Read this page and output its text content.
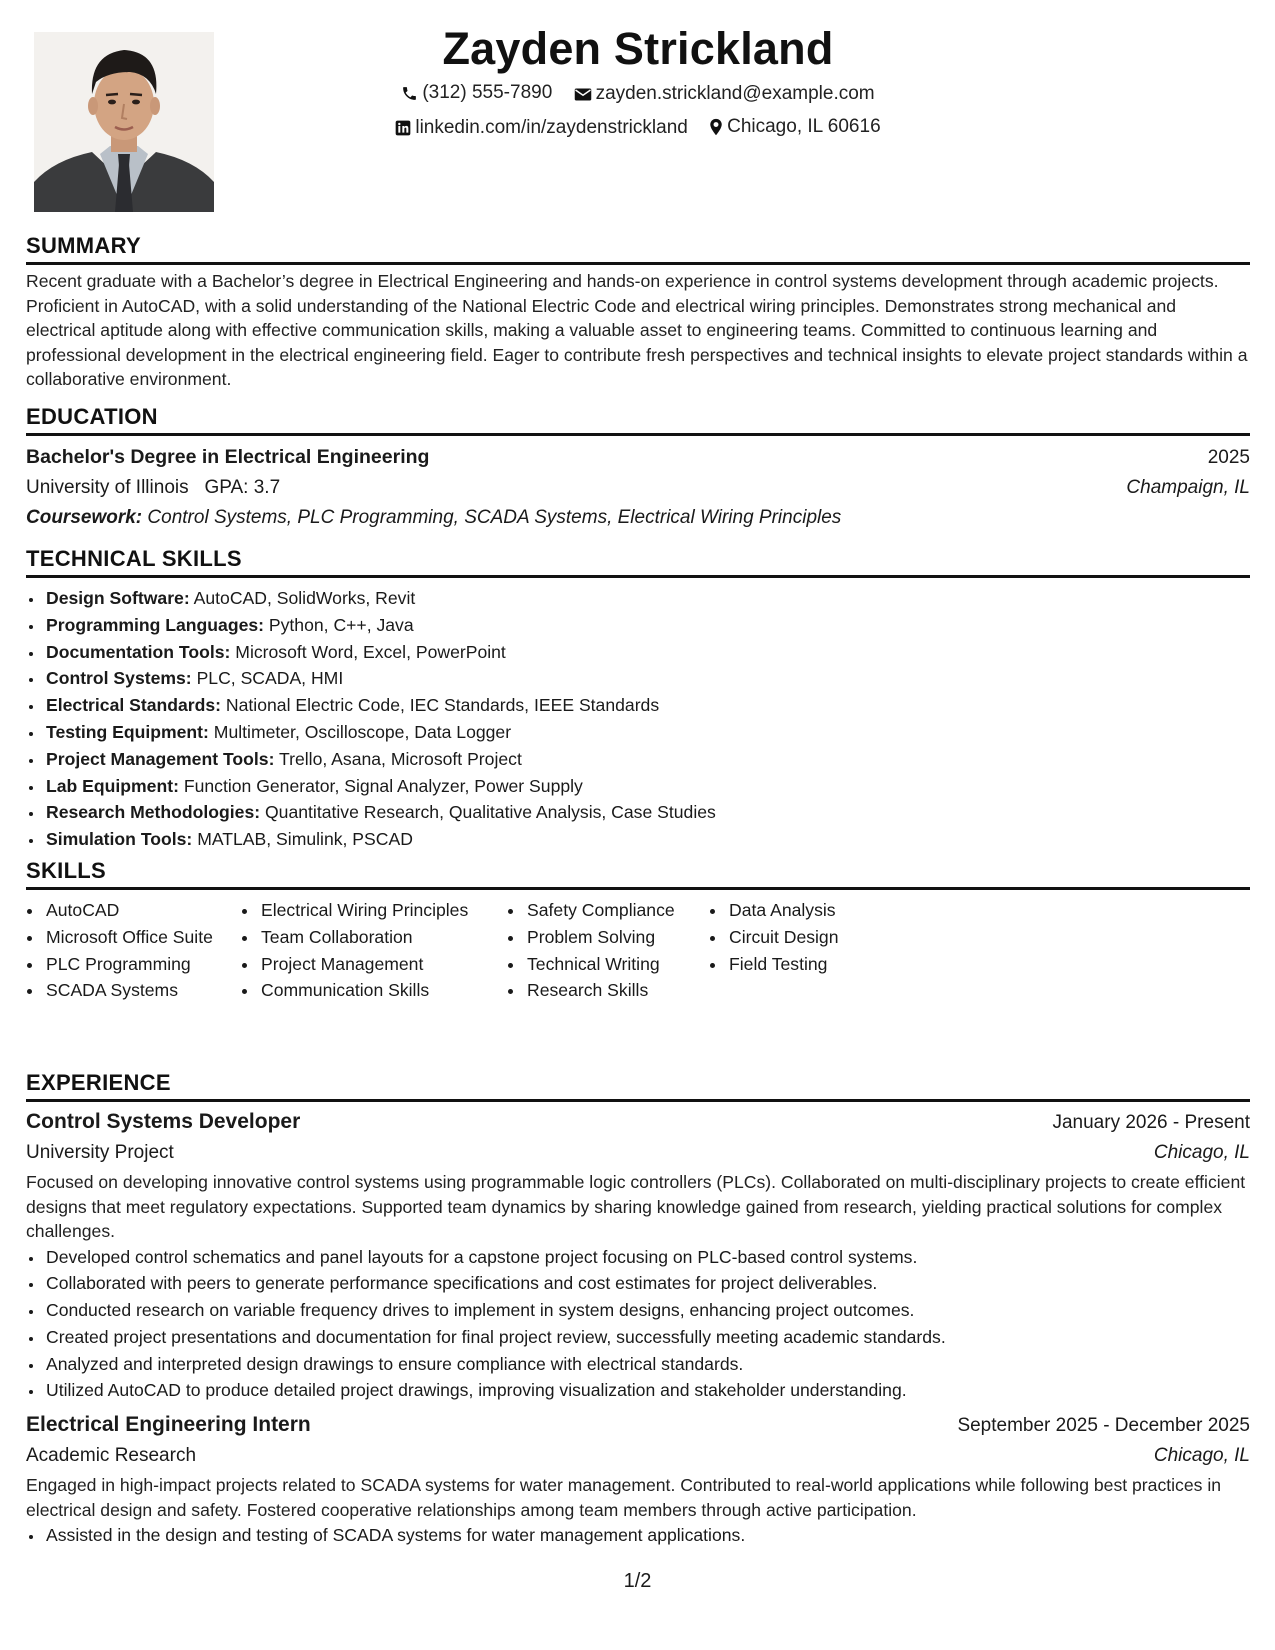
Zayden Strickland
(312) 555-7890
zayden.strickland@example.com
linkedin.com/in/zaydenstrickland
Chicago, IL 60616
SUMMARY

Recent graduate with a Bachelor’s degree in Electrical Engineering and hands-on experience in control systems development through academic projects. Proficient in AutoCAD, with a solid understanding of the National Electric Code and electrical wiring principles. Demonstrates strong mechanical and electrical aptitude along with effective communication skills, making a valuable asset to engineering teams. Committed to continuous learning and professional development in the electrical engineering field. Eager to contribute fresh perspectives and technical insights to elevate project standards within a collaborative environment.

EDUCATION
Bachelor's Degree in Electrical Engineering	2025
University of Illinois GPA: 3.7	Champaign, IL
Coursework: Control Systems, PLC Programming, SCADA Systems, Electrical Wiring Principles
TECHNICAL SKILLS
• Design Software: AutoCAD, SolidWorks, Revit
• Programming Languages: Python, C++, Java
• Documentation Tools: Microsoft Word, Excel, PowerPoint
• Control Systems: PLC, SCADA, HMI
• Electrical Standards: National Electric Code, IEC Standards, IEEE Standards
• Testing Equipment: Multimeter, Oscilloscope, Data Logger
• Project Management Tools: Trello, Asana, Microsoft Project
• Lab Equipment: Function Generator, Signal Analyzer, Power Supply
• Research Methodologies: Quantitative Research, Qualitative Analysis, Case Studies
• Simulation Tools: MATLAB, Simulink, PSCAD
SKILLS
• AutoCAD
• Microsoft Office Suite
• PLC Programming
• SCADA Systems
• Electrical Wiring Principles
• Team Collaboration
• Project Management
• Communication Skills
• Safety Compliance
• Problem Solving
• Technical Writing
• Research Skills
• Data Analysis
• Circuit Design
• Field Testing
EXPERIENCE
Control Systems Developer	January 2026 - Present
University Project	Chicago, IL

Focused on developing innovative control systems using programmable logic controllers (PLCs). Collaborated on multi-disciplinary projects to create efficient designs that meet regulatory expectations. Supported team dynamics by sharing knowledge gained from research, yielding practical solutions for complex challenges.

• Developed control schematics and panel layouts for a capstone project focusing on PLC-based control systems.
• Collaborated with peers to generate performance specifications and cost estimates for project deliverables.
• Conducted research on variable frequency drives to implement in system designs, enhancing project outcomes.
• Created project presentations and documentation for final project review, successfully meeting academic standards.
• Analyzed and interpreted design drawings to ensure compliance with electrical standards.
• Utilized AutoCAD to produce detailed project drawings, improving visualization and stakeholder understanding.
Electrical Engineering Intern	September 2025 - December 2025
Academic Research	Chicago, IL

Engaged in high-impact projects related to SCADA systems for water management. Contributed to real-world applications while following best practices in electrical design and safety. Fostered cooperative relationships among team members through active participation.

• Assisted in the design and testing of SCADA systems for water management applications.
1/2
